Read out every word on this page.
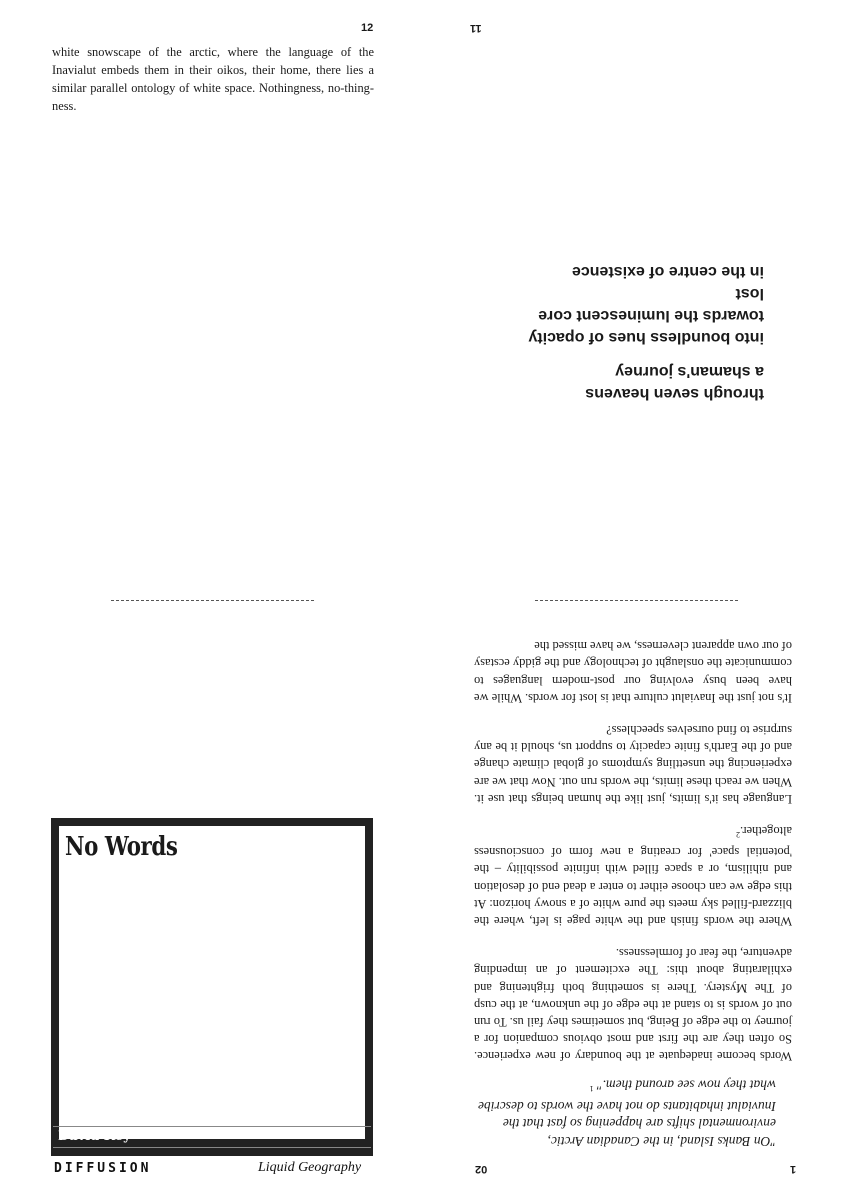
12	11
02	1

white snowscape of the arctic, where the language of the Inavialut embeds them in their oikos, their home, there lies a similar parallel ontology of white space. Nothingness, no-thing-ness.

through seven heavens
a shaman's journey
into boundless hues of opacity
towards the luminescent core
lost
in the centre of existence
"On Banks Island, in the Canadian Arctic, environmental shifts are happening so fast that the Inuvialut inhabitants do not have the words to describe what they now see around them." $^1$

Words become inadequate at the boundary of new experience. So often they are the first and most obvious companion for a journey to the edge of Being, but sometimes they fail us. To run out of words is to stand at the edge of the unknown, at the cusp of The Mystery. There is something both frightening and exhilarating about this: The excitement of an impending adventure, the fear of formlessness.

Where the words finish and the white page is left, where the blizzard-filled sky meets the pure white of a snowy horizon: At this edge we can choose either to enter a dead end of desolation and nihilism, or a space filled with infinite possibility – the 'potential space' for creating a new form of consciousness altogether.$^2$

Language has it's limits, just like the human beings that use it. When we reach these limits, the words run out. Now that we are experiencing the unsettling symptoms of global climate change and of the Earth's finite capacity to support us, should it be any surprise to find ourselves speechless?

It's not just the Inavialut culture that is lost for words. While we have been busy evolving our post-modern languages to communicate the onslaught of technology and the giddy ecstasy of our own apparent cleverness, we have missed the

No Words
David Key
DIFFUSION	Liquid Geography
